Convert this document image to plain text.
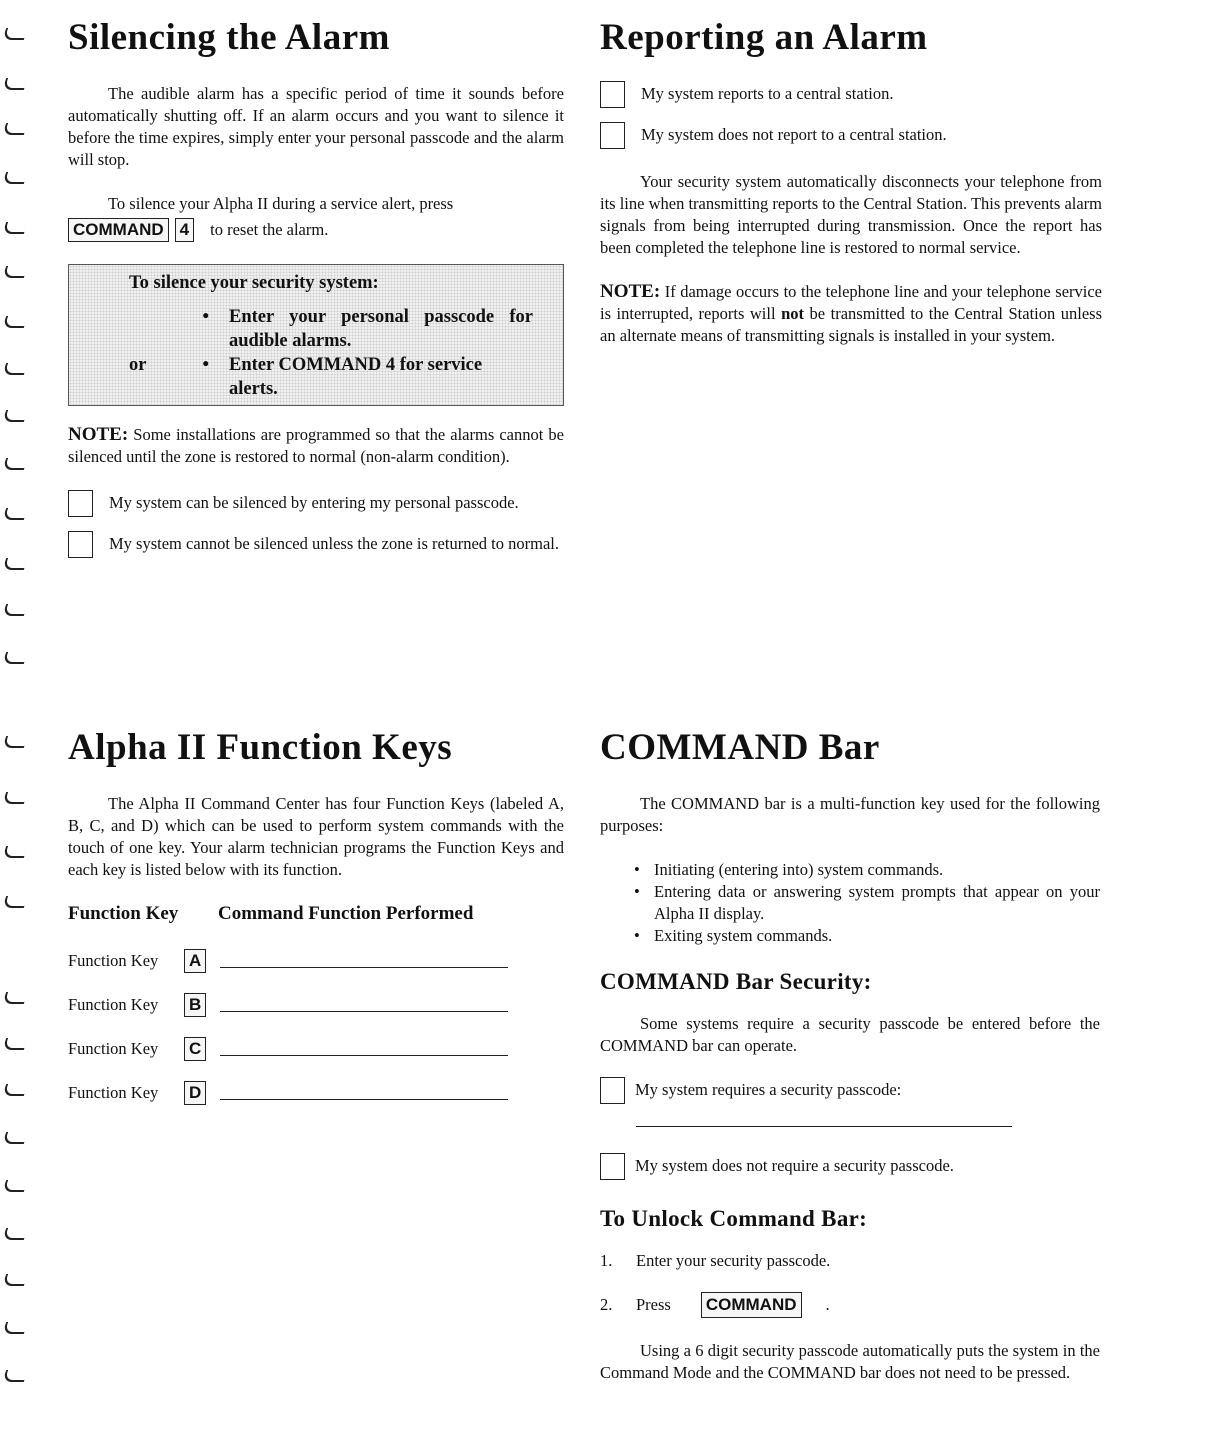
Silencing the Alarm

The audible alarm has a specific period of time it sounds before automatically shutting off. If an alarm occurs and you want to silence it before the time expires, simply enter your personal passcode and the alarm will stop.

To silence your Alpha II during a service alert, press

COMMAND 4	to reset the alarm.
To silence your security system:
•	Enter your personal passcode for audible alarms.
or	•	Enter COMMAND 4 for service alerts.

NOTE: Some installations are programmed so that the alarms cannot be silenced until the zone is restored to normal (non-alarm condition).

My system can be silenced by entering my personal passcode.
My system cannot be silenced unless the zone is returned to normal.
Reporting an Alarm
My system reports to a central station.
My system does not report to a central station.

Your security system automatically disconnects your telephone from its line when transmitting reports to the Central Station. This prevents alarm signals from being interrupted during transmission. Once the report has been completed the telephone line is restored to normal service.

NOTE: If damage occurs to the telephone line and your telephone service is interrupted, reports will not be transmitted to the Central Station unless an alternate means of transmitting signals is installed in your system.

Alpha II Function Keys

The Alpha II Command Center has four Function Keys (labeled A, B, C, and D) which can be used to perform system commands with the touch of one key. Your alarm technician programs the Function Keys and each key is listed below with its function.

Function Key	Command Function Performed
Function Key	A
Function Key	B
Function Key	C
Function Key	D
COMMAND Bar

The COMMAND bar is a multi-function key used for the following purposes:

• Initiating (entering into) system commands.
• Entering data or answering system prompts that appear on your Alpha II display.
• Exiting system commands.
COMMAND Bar Security:

Some systems require a security passcode be entered before the COMMAND bar can operate.

My system requires a security passcode:
My system does not require a security passcode.
To Unlock Command Bar:
1.	Enter your security passcode.
2.	Press COMMAND	.

Using a 6 digit security passcode automatically puts the system in the Command Mode and the COMMAND bar does not need to be pressed.
